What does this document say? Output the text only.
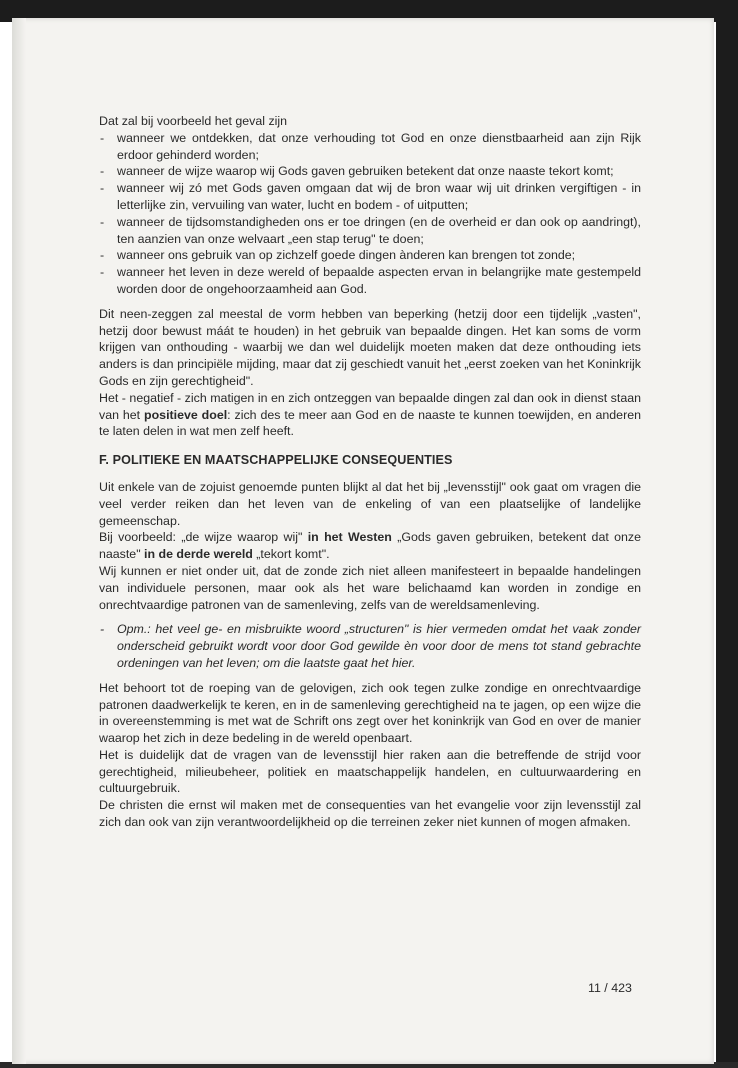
Dat zal bij voorbeeld het geval zijn

- wanneer we ontdekken, dat onze verhouding tot God en onze dienstbaarheid aan zijn Rijk erdoor gehinderd worden;
- wanneer de wijze waarop wij Gods gaven gebruiken betekent dat onze naaste tekort komt;
- wanneer wij zó met Gods gaven omgaan dat wij de bron waar wij uit drinken vergiftigen - in letterlijke zin, vervuiling van water, lucht en bodem - of uitputten;
- wanneer de tijdsomstandigheden ons er toe dringen (en de overheid er dan ook op aandringt), ten aanzien van onze welvaart „een stap terug" te doen;
- wanneer ons gebruik van op zichzelf goede dingen ànderen kan brengen tot zonde;
- wanneer het leven in deze wereld of bepaalde aspecten ervan in belangrijke mate gestempeld worden door de ongehoorzaamheid aan God.

Dit neen-zeggen zal meestal de vorm hebben van beperking (hetzij door een tijdelijk „vasten", hetzij door bewust máát te houden) in het gebruik van bepaalde dingen. Het kan soms de vorm krijgen van onthouding - waarbij we dan wel duidelijk moeten maken dat deze onthouding iets anders is dan principiële mijding, maar dat zij geschiedt vanuit het „eerst zoeken van het Koninkrijk Gods en zijn gerechtigheid".

Het - negatief - zich matigen in en zich ontzeggen van bepaalde dingen zal dan ook in dienst staan van het positieve doel: zich des te meer aan God en de naaste te kunnen toewijden, en anderen te laten delen in wat men zelf heeft.

F. POLITIEKE EN MAATSCHAPPELIJKE CONSEQUENTIES

Uit enkele van de zojuist genoemde punten blijkt al dat het bij „levensstijl" ook gaat om vragen die veel verder reiken dan het leven van de enkeling of van een plaatselijke of landelijke gemeenschap.

Bij voorbeeld: „de wijze waarop wij" in het Westen „Gods gaven gebruiken, betekent dat onze naaste" in de derde wereld „tekort komt".

Wij kunnen er niet onder uit, dat de zonde zich niet alleen manifesteert in bepaalde handelingen van individuele personen, maar ook als het ware belichaamd kan worden in zondige en onrechtvaardige patronen van de samenleving, zelfs van de wereldsamenleving.

- Opm.: het veel ge- en misbruikte woord „structuren" is hier vermeden omdat het vaak zonder onderscheid gebruikt wordt voor door God gewilde èn voor door de mens tot stand gebrachte ordeningen van het leven; om die laatste gaat het hier.

Het behoort tot de roeping van de gelovigen, zich ook tegen zulke zondige en onrechtvaardige patronen daadwerkelijk te keren, en in de samenleving gerechtigheid na te jagen, op een wijze die in overeenstemming is met wat de Schrift ons zegt over het koninkrijk van God en over de manier waarop het zich in deze bedeling in de wereld openbaart.

Het is duidelijk dat de vragen van de levensstijl hier raken aan die betreffende de strijd voor gerechtigheid, milieubeheer, politiek en maatschappelijk handelen, en cultuurwaardering en cultuurgebruik.

De christen die ernst wil maken met de consequenties van het evangelie voor zijn levensstijl zal zich dan ook van zijn verantwoordelijkheid op die terreinen zeker niet kunnen of mogen afmaken.

11 / 423
